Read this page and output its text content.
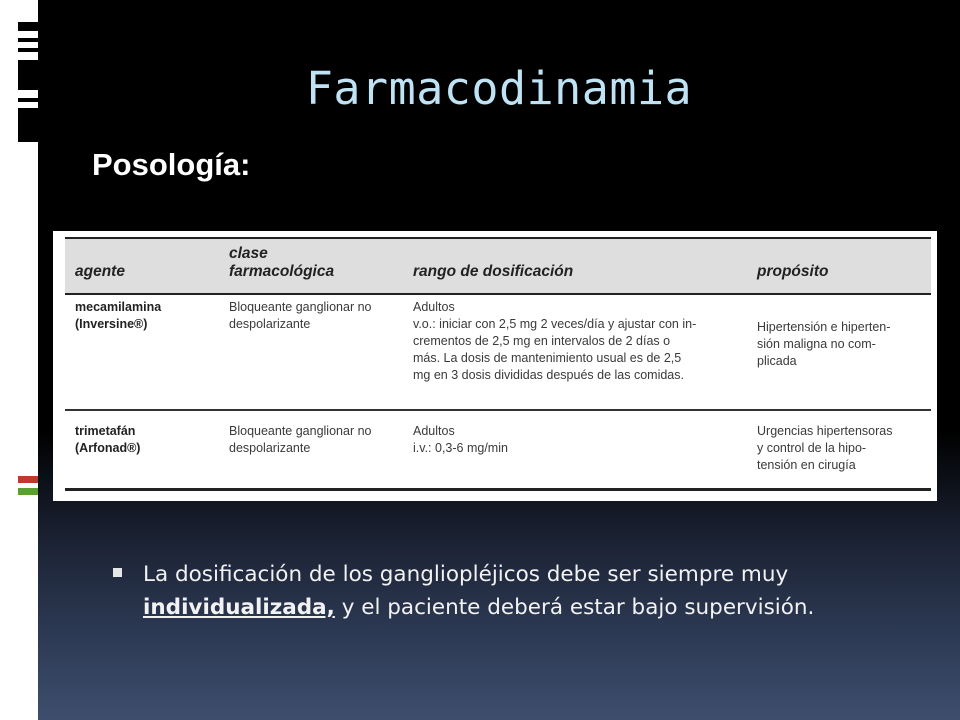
Farmacodinamia
Posología:
agente
clase
farmacológica	rango de dosificación	propósito
mecamilamina
(Inversine®)
Bloqueante ganglionar no
despolarizante
Adultos
v.o.: iniciar con 2,5 mg 2 veces/día y ajustar con in-
crementos de 2,5 mg en intervalos de 2 días o
más. La dosis de mantenimiento usual es de 2,5
mg en 3 dosis divididas después de las comidas.
Hipertensión e hiperten-
sión maligna no com-
plicada
trimetafán
(Arfonad®)
Bloqueante ganglionar no
despolarizante
Adultos
i.v.: 0,3-6 mg/min
Urgencias hipertensoras
y control de la hipo-
tensión en cirugía
La dosificación de los gangliopléjicos debe ser siempre muy individualizada, y el paciente deberá estar bajo supervisión.
